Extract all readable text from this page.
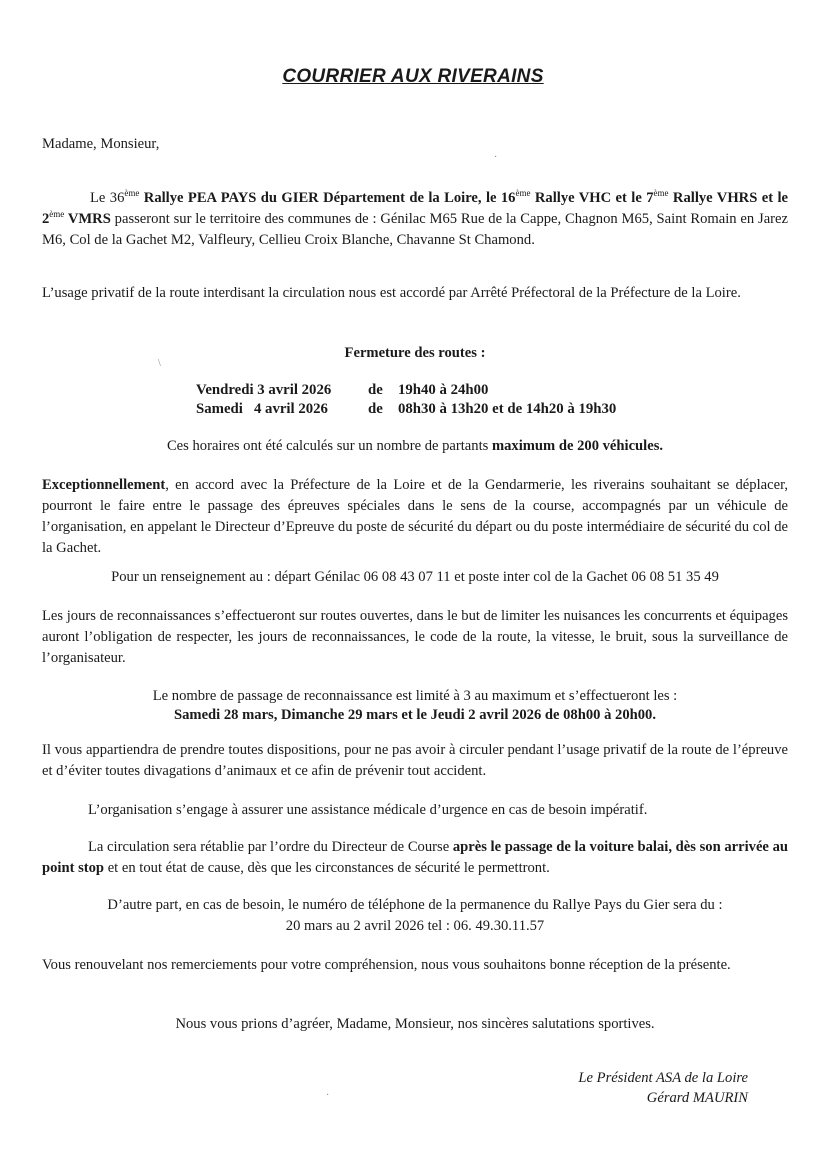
COURRIER AUX RIVERAINS
Madame, Monsieur,
Le 36ème Rallye PEA PAYS du GIER Département de la Loire, le 16ème Rallye VHC et le 7ème Rallye VHRS et le 2ème VMRS passeront sur le territoire des communes de : Génilac M65 Rue de la Cappe, Chagnon M65, Saint Romain en Jarez M6, Col de la Gachet M2, Valfleury, Cellieu Croix Blanche, Chavanne St Chamond.
L’usage privatif de la route interdisant la circulation nous est accordé par Arrêté Préfectoral de la Préfecture de la Loire.
Fermeture des routes :
Vendredi 3 avril 2026 de 19h40 à 24h00
Samedi   4 avril 2026	de 08h30 à 13h20 et de 14h20 à 19h30
Ces horaires ont été calculés sur un nombre de partants maximum de 200 véhicules.
Exceptionnellement, en accord avec la Préfecture de la Loire et de la Gendarmerie, les riverains souhaitant se déplacer, pourront le faire entre le passage des épreuves spéciales dans le sens de la course, accompagnés par un véhicule de l’organisation, en appelant le Directeur d’Epreuve du poste de sécurité du départ ou du poste intermédiaire de sécurité du col de la Gachet.
Pour un renseignement au : départ Génilac 06 08 43 07 11 et poste inter col de la Gachet 06 08 51 35 49
Les jours de reconnaissances s’effectueront sur routes ouvertes, dans le but de limiter les nuisances les concurrents et équipages auront l’obligation de respecter, les jours de reconnaissances, le code de la route, la vitesse, le bruit, sous la surveillance de l’organisateur.
Le nombre de passage de reconnaissance est limité à 3 au maximum et s’effectueront les :
Samedi 28 mars, Dimanche 29 mars et le Jeudi 2 avril 2026 de 08h00 à 20h00.
Il vous appartiendra de prendre toutes dispositions, pour ne pas avoir à circuler pendant l’usage privatif de la route de l’épreuve et d’éviter toutes divagations d’animaux et ce afin de prévenir tout accident.
L’organisation s’engage à assurer une assistance médicale d’urgence en cas de besoin impératif.
La circulation sera rétablie par l’ordre du Directeur de Course après le passage de la voiture balai, dès son arrivée au point stop et en tout état de cause, dès que les circonstances de sécurité le permettront.
D’autre part, en cas de besoin, le numéro de téléphone de la permanence du Rallye Pays du Gier sera du :
20 mars au 2 avril 2026 tel : 06. 49.30.11.57
Vous renouvelant nos remerciements pour votre compréhension, nous vous souhaitons bonne réception de la présente.
Nous vous prions d’agréer, Madame, Monsieur, nos sincères salutations sportives.
Le Président ASA de la Loire
Gérard MAURIN
·
\
·
